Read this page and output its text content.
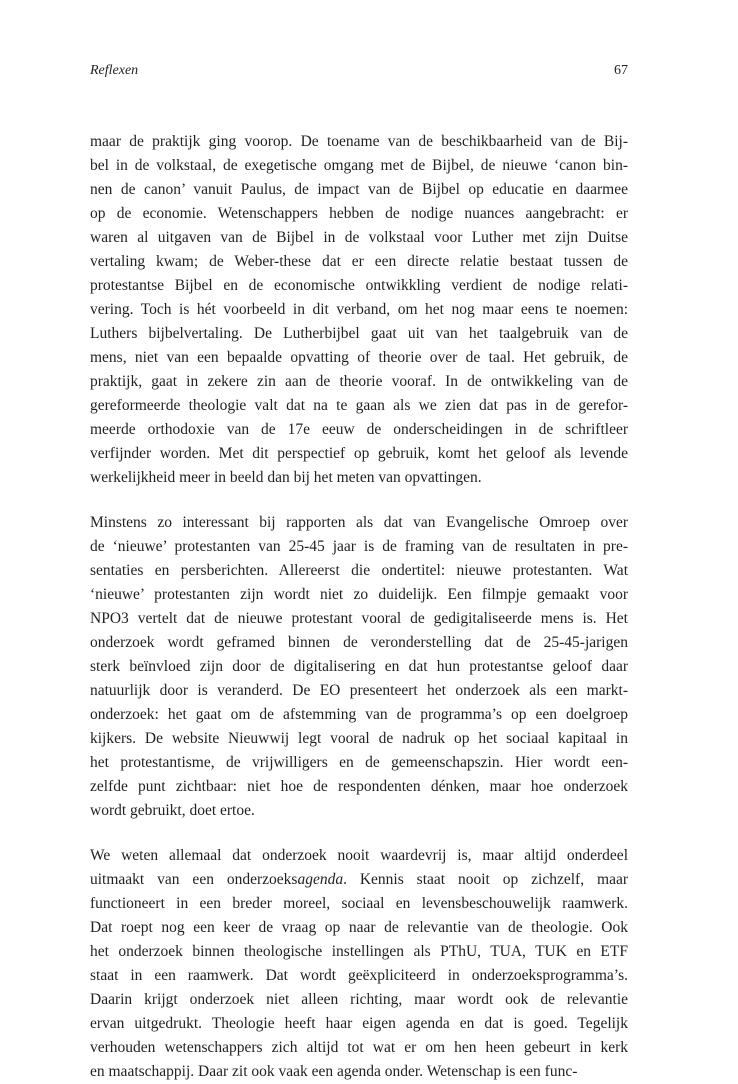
Reflexen	67
maar de praktijk ging voorop. De toename van de beschikbaarheid van de Bij-
bel in de volkstaal, de exegetische omgang met de Bijbel, de nieuwe ‘canon bin-
nen de canon’ vanuit Paulus, de impact van de Bijbel op educatie en daarmee
op de economie. Wetenschappers hebben de nodige nuances aangebracht: er
waren al uitgaven van de Bijbel in de volkstaal voor Luther met zijn Duitse
vertaling kwam; de Weber-these dat er een directe relatie bestaat tussen de
protestantse Bijbel en de economische ontwikkling verdient de nodige relati-
vering. Toch is hét voorbeeld in dit verband, om het nog maar eens te noemen:
Luthers bijbelvertaling. De Lutherbijbel gaat uit van het taalgebruik van de
mens, niet van een bepaalde opvatting of theorie over de taal. Het gebruik, de
praktijk, gaat in zekere zin aan de theorie vooraf. In de ontwikkeling van de
gereformeerde theologie valt dat na te gaan als we zien dat pas in de gerefor-
meerde orthodoxie van de 17e eeuw de onderscheidingen in de schriftleer
verfijnder worden. Met dit perspectief op gebruik, komt het geloof als levende
werkelijkheid meer in beeld dan bij het meten van opvattingen.
Minstens zo interessant bij rapporten als dat van Evangelische Omroep over
de ‘nieuwe’ protestanten van 25-45 jaar is de framing van de resultaten in pre-
sentaties en persberichten. Allereerst die ondertitel: nieuwe protestanten. Wat
‘nieuwe’ protestanten zijn wordt niet zo duidelijk. Een filmpje gemaakt voor
NPO3 vertelt dat de nieuwe protestant vooral de gedigitaliseerde mens is. Het
onderzoek wordt geframed binnen de veronderstelling dat de 25-45-jarigen
sterk beïnvloed zijn door de digitalisering en dat hun protestantse geloof daar
natuurlijk door is veranderd. De EO presenteert het onderzoek als een markt-
onderzoek: het gaat om de afstemming van de programma’s op een doelgroep
kijkers. De website Nieuwwij legt vooral de nadruk op het sociaal kapitaal in
het protestantisme, de vrijwilligers en de gemeenschapszin. Hier wordt een-
zelfde punt zichtbaar: niet hoe de respondenten dénken, maar hoe onderzoek
wordt gebruikt, doet ertoe.
We weten allemaal dat onderzoek nooit waardevrij is, maar altijd onderdeel
uitmaakt van een onderzoeksagenda. Kennis staat nooit op zichzelf, maar
functioneert in een breder moreel, sociaal en levensbeschouwelijk raamwerk.
Dat roept nog een keer de vraag op naar de relevantie van de theologie. Ook
het onderzoek binnen theologische instellingen als PThU, TUA, TUK en ETF
staat in een raamwerk. Dat wordt geëxpliciteerd in onderzoeksprogramma’s.
Daarin krijgt onderzoek niet alleen richting, maar wordt ook de relevantie
ervan uitgedrukt. Theologie heeft haar eigen agenda en dat is goed. Tegelijk
verhouden wetenschappers zich altijd tot wat er om hen heen gebeurt in kerk
en maatschappij. Daar zit ook vaak een agenda onder. Wetenschap is een func-
